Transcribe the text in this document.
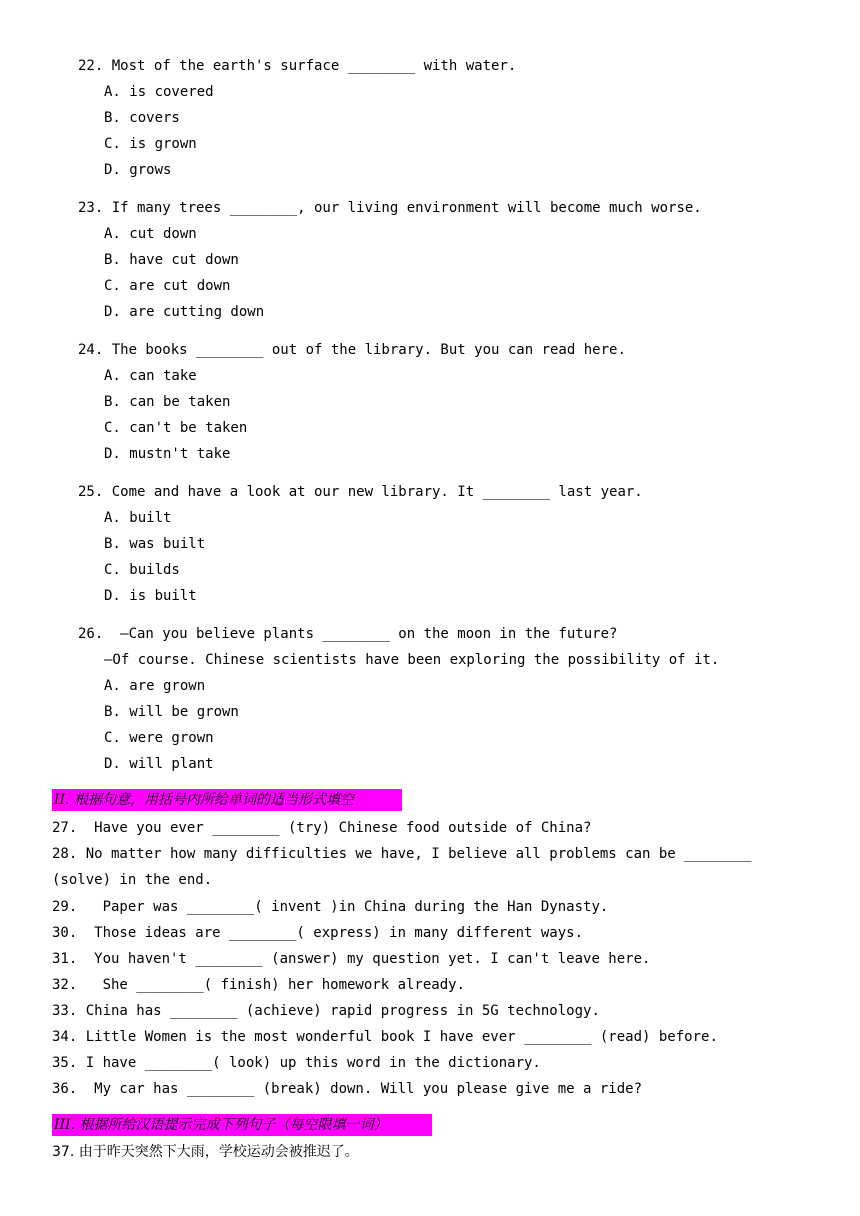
22. Most of the earth's surface ________ with water.
A. is covered
B. covers
C. is grown
D. grows
23. If many trees ________, our living environment will become much worse.
A. cut down
B. have cut down
C. are cut down
D. are cutting down
24. The books ________ out of the library. But you can read here.
A. can take
B. can be taken
C. can't be taken
D. mustn't take
25. Come and have a look at our new library. It ________ last year.
A. built
B. was built
C. builds
D. is built
26.  —Can you believe plants ________ on the moon in the future?
—Of course. Chinese scientists have been exploring the possibility of it.
A. are grown
B. will be grown
C. were grown
D. will plant
II. 根据句意，用括号内所给单词的适当形式填空
27.  Have you ever ________ (try) Chinese food outside of China?
28. No matter how many difficulties we have, I believe all problems can be ________ (solve) in the end.
29.   Paper was ________( invent )in China during the Han Dynasty.
30.  Those ideas are ________( express) in many different ways.
31.  You haven't ________ (answer) my question yet. I can't leave here.
32.   She ________( finish) her homework already.
33. China has ________ (achieve) rapid progress in 5G technology.
34. Little Women is the most wonderful book I have ever ________ (read) before.
35. I have ________( look) up this word in the dictionary.
36.  My car has ________ (break) down. Will you please give me a ride?
III. 根据所给汉语提示完成下列句子（每空限填一词）
37. 由于昨天突然下大雨，学校运动会被推迟了。
